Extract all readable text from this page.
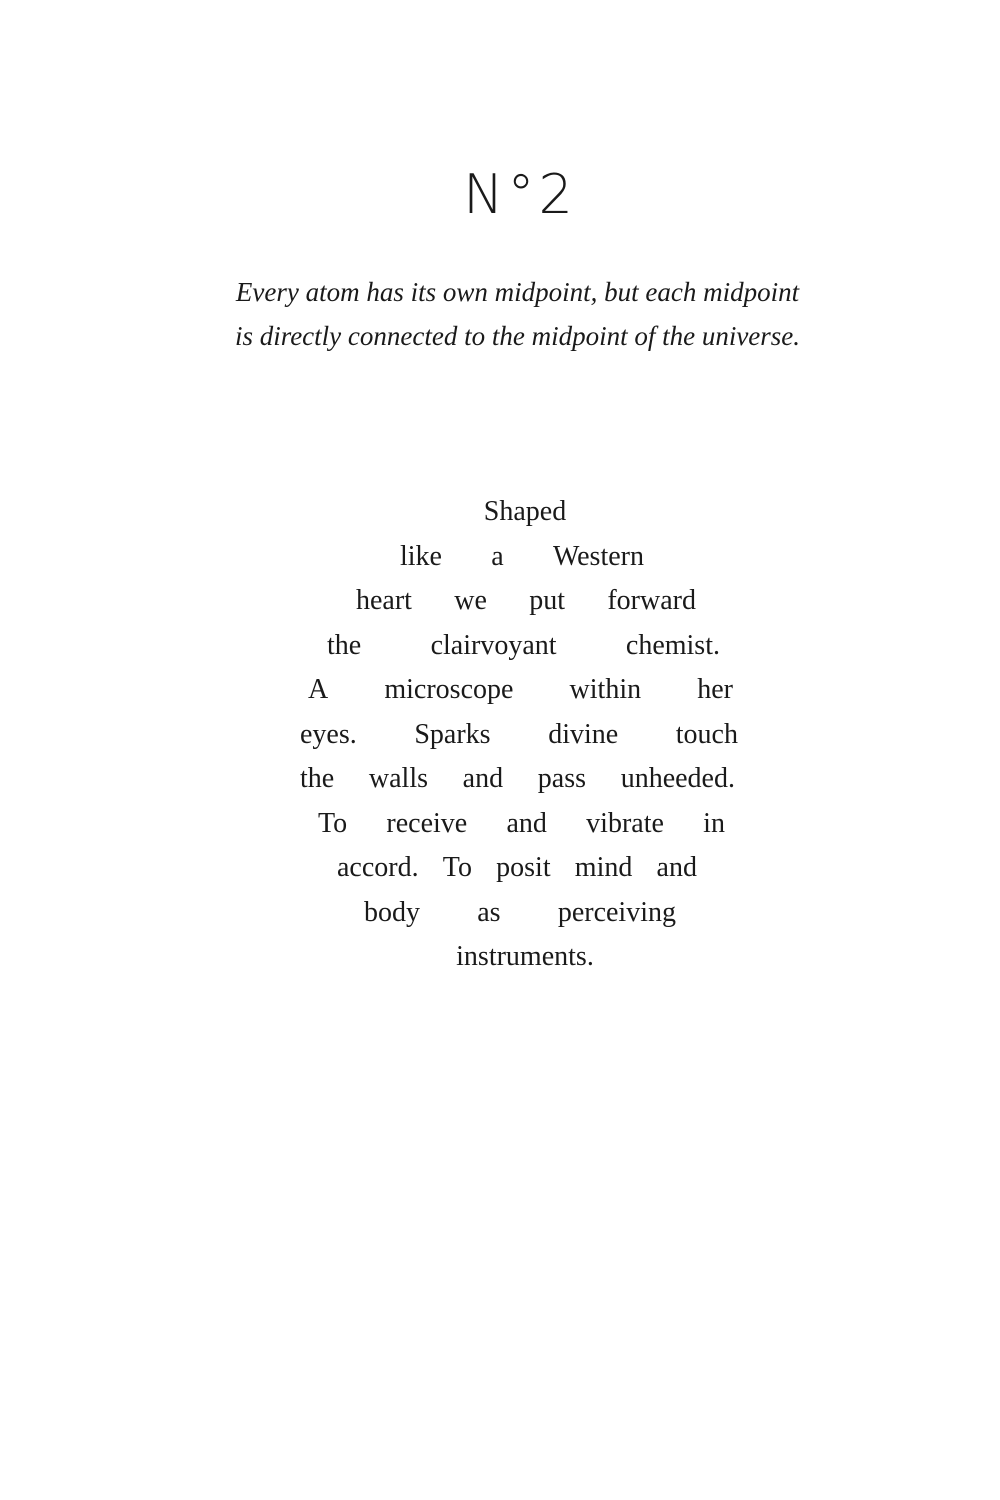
N°2
Every atom has its own midpoint, but each midpoint
is directly connected to the midpoint of the universe.
Shaped
like a Western
heart we put forward
the clairvoyant chemist.
A microscope within her
eyes. Sparks divine touch
the walls and pass unheeded.
To receive and vibrate in
accord. To posit mind and
body as perceiving
instruments.
